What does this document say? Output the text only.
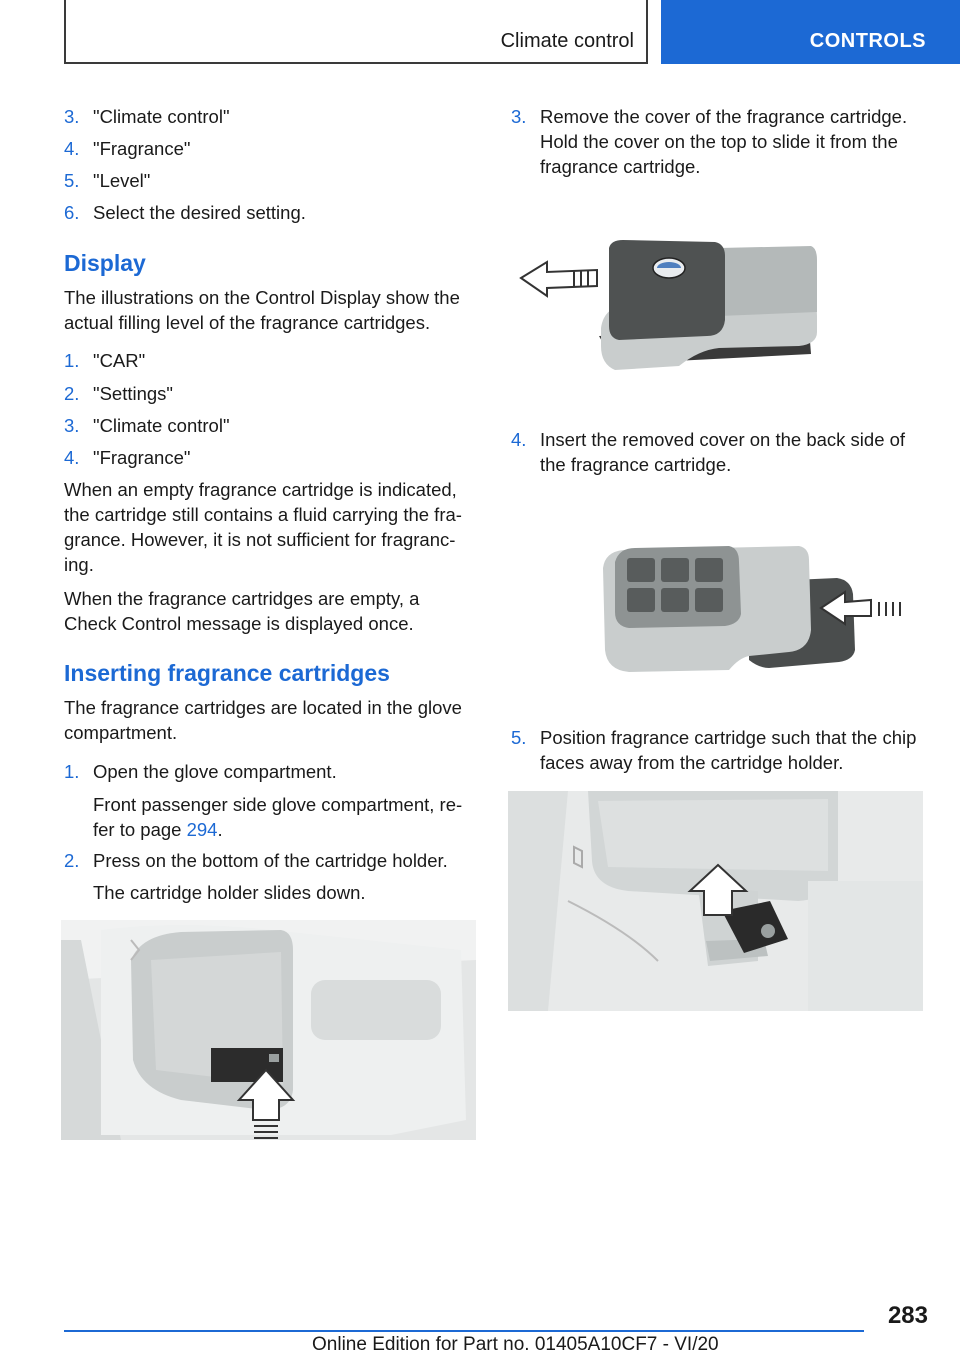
Climate control	CONTROLS
3. "Climate control"
4. "Fragrance"
5. "Level"
6. Select the desired setting.
Display

The illustrations on the Control Display show the actual filling level of the fragrance cartridges.

1. "CAR"
2. "Settings"
3. "Climate control"
4. "Fragrance"

When an empty fragrance cartridge is indicated, the cartridge still contains a fluid carrying the fragrance. However, it is not sufficient for fragrancing.

When the fragrance cartridges are empty, a Check Control message is displayed once.

Inserting fragrance cartridges

The fragrance cartridges are located in the glove compartment.

1. Open the glove compartment.

Front passenger side glove compartment, refer to page 294.

2. Press on the bottom of the cartridge holder.

The cartridge holder slides down.

3. Remove the cover of the fragrance cartridge. Hold the cover on the top to slide it from the fragrance cartridge.
4. Insert the removed cover on the back side of the fragrance cartridge.
5. Position fragrance cartridge such that the chip faces away from the cartridge holder.
283
Online Edition for Part no. 01405A10CF7 - VI/20
